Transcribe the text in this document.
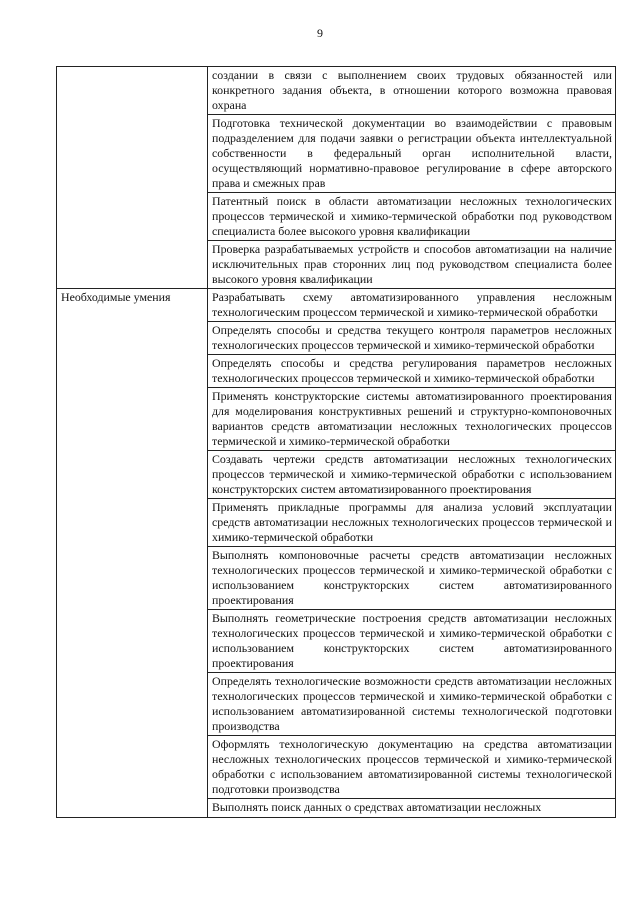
9
	создании в связи с выполнением своих трудовых обязанностей или конкретного задания объекта, в отношении которого возможна правовая охрана
	Подготовка технической документации во взаимодействии с правовым подразделением для подачи заявки о регистрации объекта интеллектуальной собственности в федеральный орган исполнительной власти, осуществляющий нормативно-правовое регулирование в сфере авторского права и смежных прав
	Патентный поиск в области автоматизации несложных технологических процессов термической и химико-термической обработки под руководством специалиста более высокого уровня квалификации
	Проверка разрабатываемых устройств и способов автоматизации на наличие исключительных прав сторонних лиц под руководством специалиста более высокого уровня квалификации
Необходимые умения	Разрабатывать схему автоматизированного управления несложным технологическим процессом термической и химико-термической обработки
	Определять способы и средства текущего контроля параметров несложных технологических процессов термической и химико-термической обработки
	Определять способы и средства регулирования параметров несложных технологических процессов термической и химико-термической обработки
	Применять конструкторские системы автоматизированного проектирования для моделирования конструктивных решений и структурно-компоновочных вариантов средств автоматизации несложных технологических процессов термической и химико-термической обработки
	Создавать чертежи средств автоматизации несложных технологических процессов термической и химико-термической обработки с использованием конструкторских систем автоматизированного проектирования
	Применять прикладные программы для анализа условий эксплуатации средств автоматизации несложных технологических процессов термической и химико-термической обработки
	Выполнять компоновочные расчеты средств автоматизации несложных технологических процессов термической и химико-термической обработки с использованием конструкторских систем автоматизированного проектирования
	Выполнять геометрические построения средств автоматизации несложных технологических процессов термической и химико-термической обработки с использованием конструкторских систем автоматизированного проектирования
	Определять технологические возможности средств автоматизации несложных технологических процессов термической и химико-термической обработки с использованием автоматизированной системы технологической подготовки производства
	Оформлять технологическую документацию на средства автоматизации несложных технологических процессов термической и химико-термической обработки с использованием автоматизированной системы технологической подготовки производства
	Выполнять поиск данных о средствах автоматизации несложных
